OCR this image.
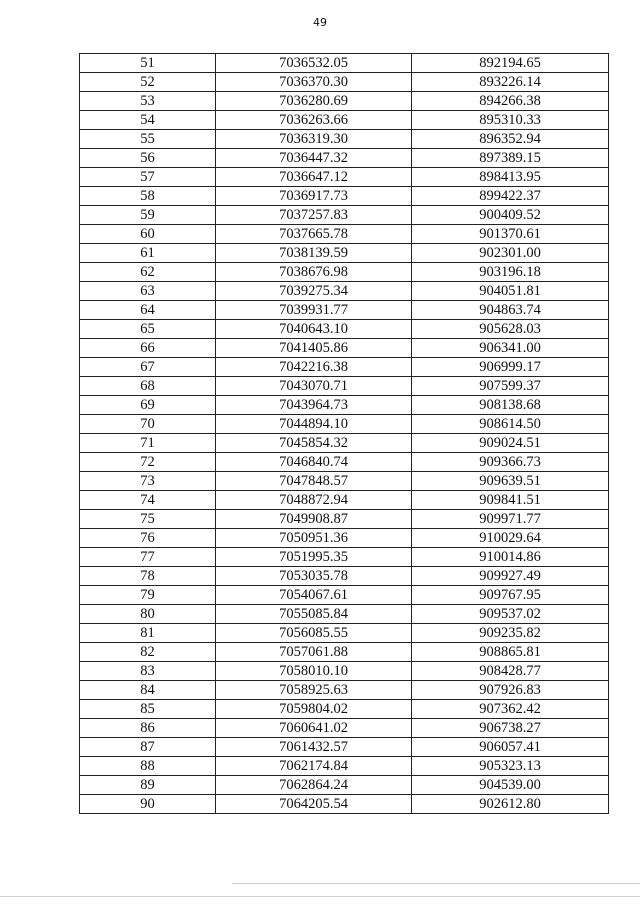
49
51	7036532.05	892194.65
52	7036370.30	893226.14
53	7036280.69	894266.38
54	7036263.66	895310.33
55	7036319.30	896352.94
56	7036447.32	897389.15
57	7036647.12	898413.95
58	7036917.73	899422.37
59	7037257.83	900409.52
60	7037665.78	901370.61
61	7038139.59	902301.00
62	7038676.98	903196.18
63	7039275.34	904051.81
64	7039931.77	904863.74
65	7040643.10	905628.03
66	7041405.86	906341.00
67	7042216.38	906999.17
68	7043070.71	907599.37
69	7043964.73	908138.68
70	7044894.10	908614.50
71	7045854.32	909024.51
72	7046840.74	909366.73
73	7047848.57	909639.51
74	7048872.94	909841.51
75	7049908.87	909971.77
76	7050951.36	910029.64
77	7051995.35	910014.86
78	7053035.78	909927.49
79	7054067.61	909767.95
80	7055085.84	909537.02
81	7056085.55	909235.82
82	7057061.88	908865.81
83	7058010.10	908428.77
84	7058925.63	907926.83
85	7059804.02	907362.42
86	7060641.02	906738.27
87	7061432.57	906057.41
88	7062174.84	905323.13
89	7062864.24	904539.00
90	7064205.54	902612.80
